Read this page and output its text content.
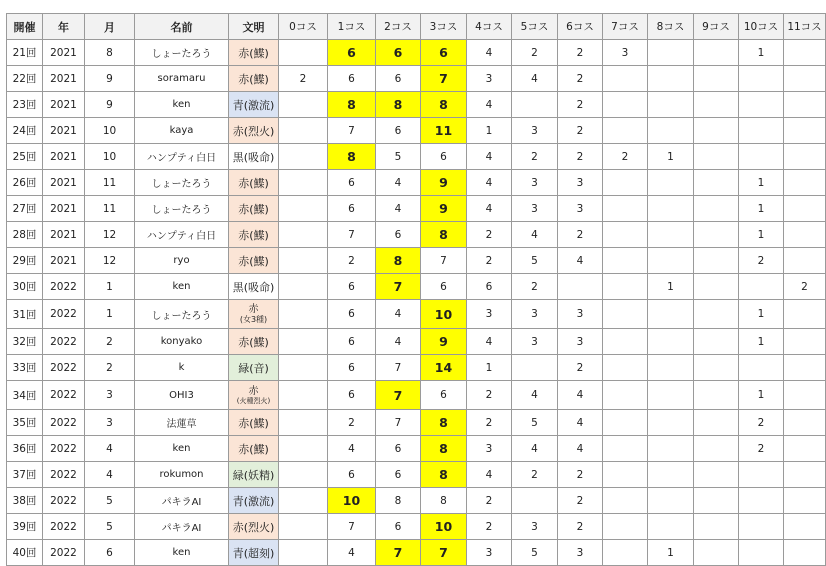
開催	年	月	名前	文明	0コス	1コス	2コス	3コス	4コス	5コス	6コス	7コス	8コス	9コス	10コス	11コス
21回	2021	8	しょーたろう	赤(鰈)		6	6	6	4	2	2	3			1	
22回	2021	9	soramaru	赤(鰈)	2	6	6	7	3	4	2					
23回	2021	9	ken	青(激流)		8	8	8	4		2					
24回	2021	10	kaya	赤(烈火)		7	6	11	1	3	2					
25回	2021	10	ハンプティ白日	黒(吸命)		8	5	6	4	2	2	2	1			
26回	2021	11	しょーたろう	赤(鰈)		6	4	9	4	3	3				1	
27回	2021	11	しょーたろう	赤(鰈)		6	4	9	4	3	3				1	
28回	2021	12	ハンプティ白日	赤(鰈)		7	6	8	2	4	2				1	
29回	2021	12	ryo	赤(鰈)		2	8	7	2	5	4				2	
30回	2022	1	ken	黒(吸命)		6	7	6	6	2			1			2
31回	2022	1	しょーたろう	赤
(女3種)		6	4	10	3	3	3				1	
32回	2022	2	konyako	赤(鰈)		6	4	9	4	3	3				1	
33回	2022	2	k	緑(音)		6	7	14	1		2					
34回	2022	3	OHI3	赤
(火種烈火)		6	7	6	2	4	4				1	
35回	2022	3	法蓮草	赤(鰈)		2	7	8	2	5	4				2	
36回	2022	4	ken	赤(鰈)		4	6	8	3	4	4				2	
37回	2022	4	rokumon	緑(妖精)		6	6	8	4	2	2					
38回	2022	5	パキラAI	青(激流)		10	8	8	2		2					
39回	2022	5	パキラAI	赤(烈火)		7	6	10	2	3	2					
40回	2022	6	ken	青(超刻)		4	7	7	3	5	3		1			
